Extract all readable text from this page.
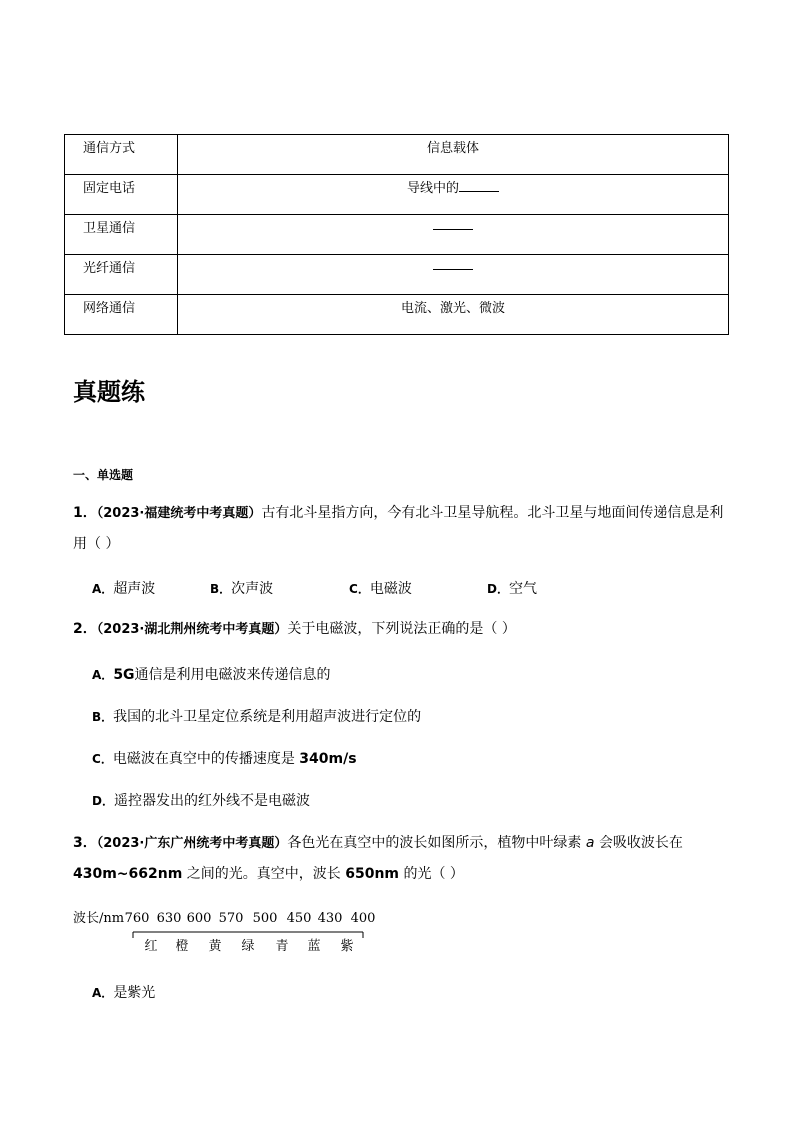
通信方式	信息载体
固定电话	导线中的
卫星通信	
光纤通信	
网络通信	电流、激光、微波
真题练
一、单选题
1．（2023·福建统考中考真题）古有北斗星指方向，今有北斗卫星导航程。北斗卫星与地面间传递信息是利
用（ ）
A．超声波	B．次声波	C．电磁波	D．空气
2．（2023·湖北荆州统考中考真题）关于电磁波，下列说法正确的是（ ）
A．5G通信是利用电磁波来传递信息的
B．我国的北斗卫星定位系统是利用超声波进行定位的
C．电磁波在真空中的传播速度是 340m/s
D．遥控器发出的红外线不是电磁波
3．（2023·广东广州统考中考真题）各色光在真空中的波长如图所示，植物中叶绿素 a 会吸收波长在
430m~662nm 之间的光。真空中，波长 650nm 的光（ ）
波长/nm 760 630 600 570 500 450 430 400
红 橙 黄 绿 青 蓝 紫
A．是紫光
